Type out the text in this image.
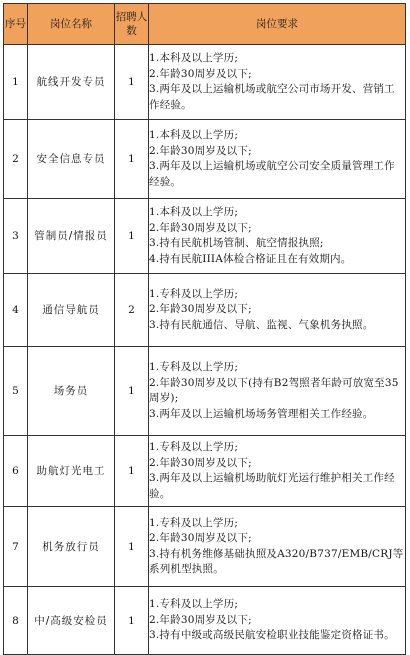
序号	岗位名称	招聘人数	岗位要求
1	航线开发专员	1	1.本科及以上学历;
2.年龄30周岁及以下;
3.两年及以上运输机场或航空公司市场开发、营销工作经验。

2	安全信息专员	1	1.本科及以上学历;
2.年龄30周岁及以下;
3.两年及以上运输机场或航空公司安全质量管理工作经验。

3	管制员/情报员	1	1.本科及以上学历;
2.年龄30周岁及以下;
3.持有民航机场管制、航空情报执照;
4.持有民航IIIA体检合格证且在有效期内。

4	通信导航员	2	1.专科及以上学历;
2.年龄30周岁及以下;
3.持有民航通信、导航、监视、气象机务执照。

5	场务员	1	1.专科及以上学历;
2.年龄30周岁及以下(持有B2驾照者年龄可放宽至35周岁);
3.两年及以上运输机场场务管理相关工作经验。

6	助航灯光电工	1	1.专科及以上学历;
2.年龄30周岁及以下;
3.两年及以上运输机场助航灯光运行维护相关工作经验。

7	机务放行员	1	1.专科及以上学历;
2.年龄30周岁及以下;
3.持有机务维修基础执照及A320/B737/EMB/CRJ等系列机型执照。

8	中/高级安检员	1	1.专科及以上学历;
2.年龄30周岁及以下;
3.持有中级或高级民航安检职业技能鉴定资格证书。
